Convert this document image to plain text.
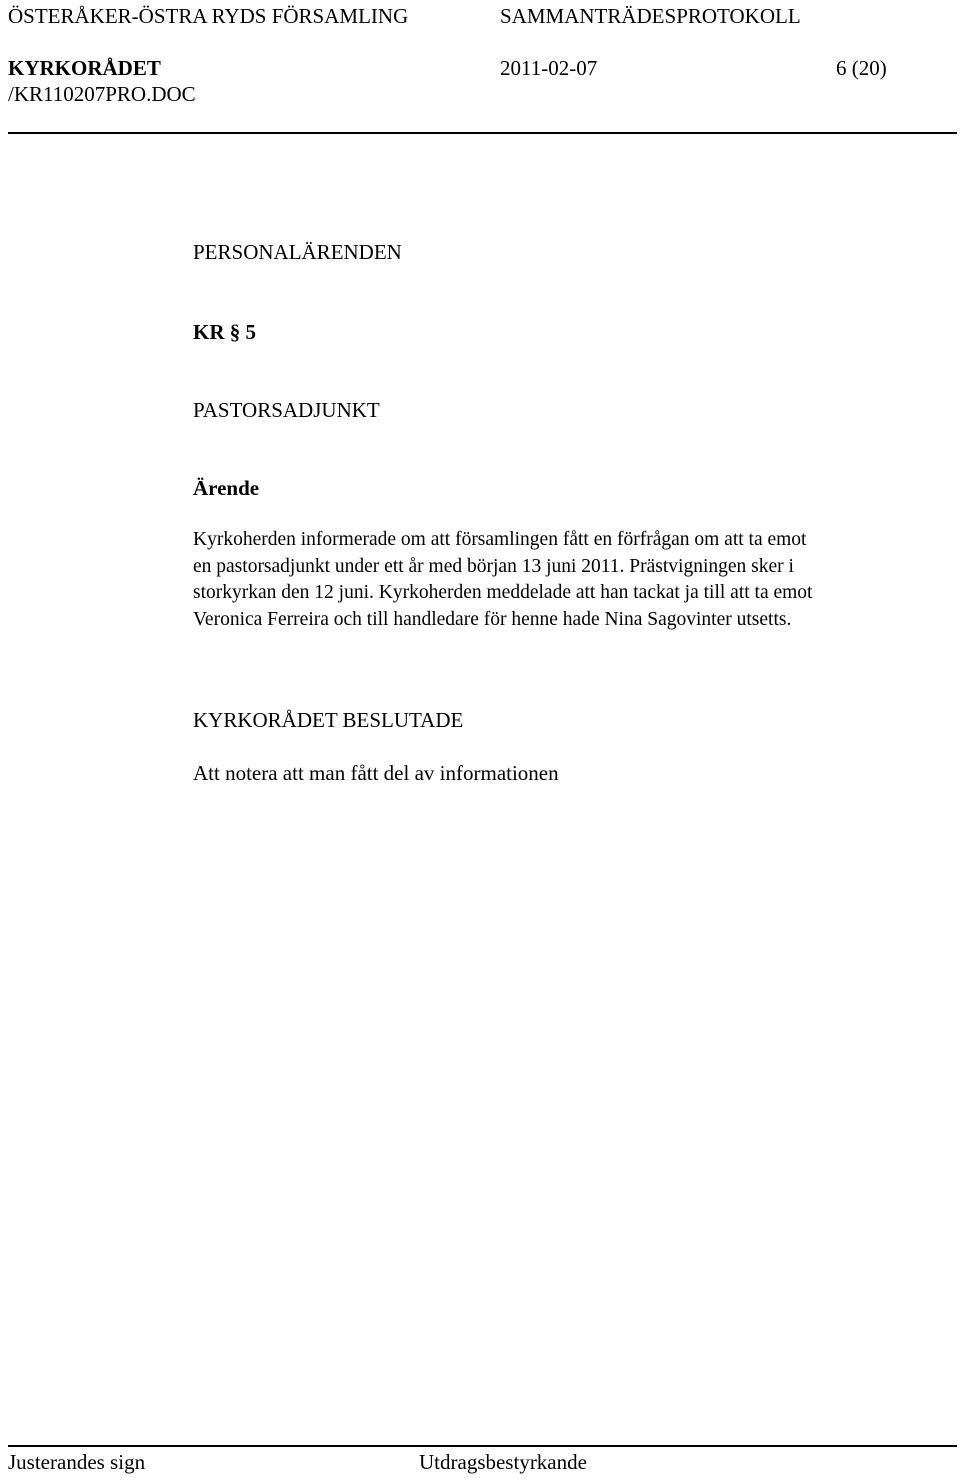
ÖSTERÅKER-ÖSTRA RYDS FÖRSAMLING	SAMMANTRÄDESPROTOKOLL
KYRKORÅDET	2011-02-07	6 (20)
/KR110207PRO.DOC
PERSONALÄRENDEN
KR § 5
PASTORSADJUNKT
Ärende
Kyrkoherden informerade om att församlingen fått en förfrågan om att ta emot
en pastorsadjunkt under ett år med början 13 juni 2011. Prästvigningen sker i
storkyrkan den 12 juni. Kyrkoherden meddelade att han tackat ja till att ta emot
Veronica Ferreira och till handledare för henne hade Nina Sagovinter utsetts.
KYRKORÅDET BESLUTADE
Att notera att man fått del av informationen
Justerandes sign	Utdragsbestyrkande
